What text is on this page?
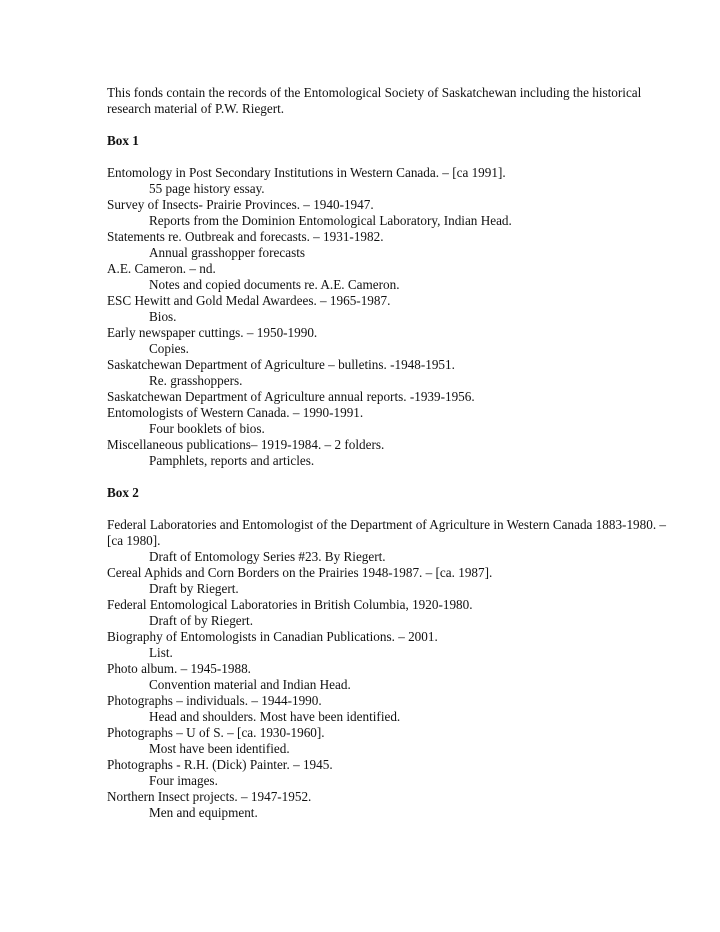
This fonds contain the records of the Entomological Society of Saskatchewan including the historical research material of P.W. Riegert.

Box 1
Entomology in Post Secondary Institutions in Western Canada. – [ca 1991].
55 page history essay.
Survey of Insects- Prairie Provinces. – 1940-1947.
Reports from the Dominion Entomological Laboratory, Indian Head.
Statements re. Outbreak and forecasts. – 1931-1982.
Annual grasshopper forecasts
A.E. Cameron. – nd.
Notes and copied documents re. A.E. Cameron.
ESC Hewitt and Gold Medal Awardees. – 1965-1987.
Bios.
Early newspaper cuttings. – 1950-1990.
Copies.
Saskatchewan Department of Agriculture – bulletins. -1948-1951.
Re. grasshoppers.
Saskatchewan Department of Agriculture annual reports. -1939-1956.
Entomologists of Western Canada. – 1990-1991.
Four booklets of bios.
Miscellaneous publications– 1919-1984. – 2 folders.
Pamphlets, reports and articles.
Box 2
Federal Laboratories and Entomologist of the Department of Agriculture in Western Canada 1883-1980. – [ca 1980].
Draft of Entomology Series #23. By Riegert.
Cereal Aphids and Corn Borders on the Prairies 1948-1987. – [ca. 1987].
Draft by Riegert.
Federal Entomological Laboratories in British Columbia, 1920-1980.
Draft of by Riegert.
Biography of Entomologists in Canadian Publications. – 2001.
List.
Photo album. – 1945-1988.
Convention material and Indian Head.
Photographs – individuals. – 1944-1990.
Head and shoulders. Most have been identified.
Photographs – U of S. – [ca. 1930-1960].
Most have been identified.
Photographs - R.H. (Dick) Painter. – 1945.
Four images.
Northern Insect projects. – 1947-1952.
Men and equipment.
